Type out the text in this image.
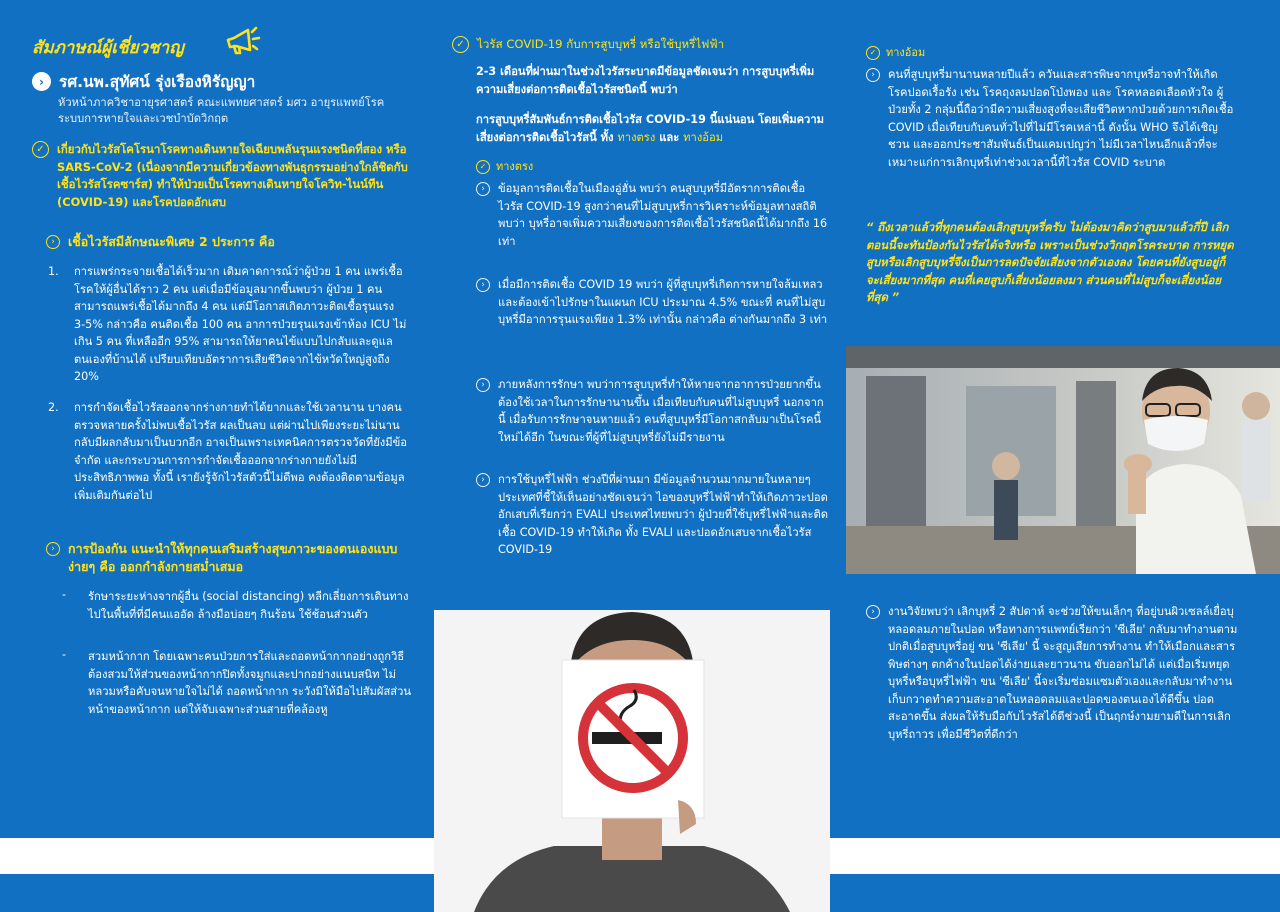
สัมภาษณ์ผู้เชี่ยวชาญ
› รศ.นพ.สุทัศน์ รุ่งเรืองหิรัญญา
หัวหน้าภาควิชาอายุรศาสตร์ คณะแพทยศาสตร์ มศว อายุรแพทย์โรคระบบการหายใจและเวชบำบัดวิกฤต
✓	เกี่ยวกับไวรัสโคโรนาโรคทางเดินหายใจเฉียบพลันรุนแรงชนิดที่สอง หรือ SARS-CoV-2 (เนื่องจากมีความเกี่ยวข้องทางพันธุกรรมอย่างใกล้ชิดกับเชื้อไวรัสโรคซาร์ส) ทำให้ป่วยเป็นโรคทางเดินหายใจโควิท-ไนน์ทีน (COVID-19) และโรคปอดอักเสบ
›	เชื้อไวรัสมีลักษณะพิเศษ 2 ประการ คือ
1.	การแพร่กระจายเชื้อได้เร็วมาก เดิมคาดการณ์ว่าผู้ป่วย 1 คน แพร่เชื้อโรคให้ผู้อื่นได้ราว 2 คน แต่เมื่อมีข้อมูลมากขึ้นพบว่า ผู้ป่วย 1 คน สามารถแพร่เชื้อได้มากถึง 4 คน แต่มีโอกาสเกิดภาวะติดเชื้อรุนแรง 3-5% กล่าวคือ คนติดเชื้อ 100 คน อาการป่วยรุนแรงเข้าห้อง ICU ไม่เกิน 5 คน ที่เหลืออีก 95% สามารถให้ยาคนไข้แบบไปกลับและดูแลตนเองที่บ้านได้ เปรียบเทียบอัตราการเสียชีวิตจากไข้หวัดใหญ่สูงถึง 20%
2.	การกำจัดเชื้อไวรัสออกจากร่างกายทำได้ยากและใช้เวลานาน บางคนตรวจหลายครั้งไม่พบเชื้อไวรัส ผลเป็นลบ แต่ผ่านไปเพียงระยะไม่นานกลับมีผลกลับมาเป็นบวกอีก อาจเป็นเพราะเทคนิคการตรวจวัดที่ยังมีข้อจำกัด และกระบวนการการกำจัดเชื้อออกจากร่างกายยังไม่มีประสิทธิภาพพอ ทั้งนี้ เรายังรู้จักไวรัสตัวนี้ไม่ดีพอ คงต้องติดตามข้อมูลเพิ่มเติมกันต่อไป
›	การป้องกัน แนะนำให้ทุกคนเสริมสร้างสุขภาวะของตนเองแบบง่ายๆ คือ ออกกำลังกายสม่ำเสมอ
-	รักษาระยะห่างจากผู้อื่น (social distancing) หลีกเลี่ยงการเดินทางไปในพื้นที่ที่มีคนแออัด ล้างมือบ่อยๆ กินร้อน ใช้ช้อนส่วนตัว
-	สวมหน้ากาก โดยเฉพาะคนป่วยการใส่และถอดหน้ากากอย่างถูกวิธีต้องสวมให้ส่วนของหน้ากากปิดทั้งจมูกและปากอย่างแนบสนิท ไม่หลวมหรือคับจนหายใจไม่ได้ ถอดหน้ากาก ระวังมิให้มือไปสัมผัสส่วนหน้าของหน้ากาก แต่ให้จับเฉพาะส่วนสายที่คล้องหู
✓	ไวรัส COVID-19 กับการสูบบุหรี่ หรือใช้บุหรี่ไฟฟ้า
2-3 เดือนที่ผ่านมาในช่วงไวรัสระบาดมีข้อมูลชัดเจนว่า การสูบบุหรี่เพิ่มความเสี่ยงต่อการติดเชื้อไวรัสชนิดนี้ พบว่า
การสูบบุหรี่สัมพันธ์การติดเชื้อไวรัส COVID-19 นี้แน่นอน โดยเพิ่มความเสี่ยงต่อการติดเชื้อไวรัสนี้ ทั้ง ทางตรง และ ทางอ้อม
✓ ทางตรง
›	ข้อมูลการติดเชื้อในเมืองอู่ฮั่น พบว่า คนสูบบุหรี่มีอัตราการติดเชื้อไวรัส COVID-19 สูงกว่าคนที่ไม่สูบบุหรี่การวิเคราะห์ข้อมูลทางสถิติ พบว่า บุหรี่อาจเพิ่มความเสี่ยงของการติดเชื้อไวรัสชนิดนี้ได้มากถึง 16 เท่า
›	เมื่อมีการติดเชื้อ COVID 19 พบว่า ผู้ที่สูบบุหรี่เกิดการหายใจล้มเหลวและต้องเข้าไปรักษาในแผนก ICU ประมาณ 4.5% ขณะที่ คนที่ไม่สูบบุหรี่มีอาการรุนแรงเพียง 1.3% เท่านั้น กล่าวคือ ต่างกันมากถึง 3 เท่า
›	ภายหลังการรักษา พบว่าการสูบบุหรี่ทำให้หายจากอาการป่วยยากขึ้น ต้องใช้เวลาในการรักษานานขึ้น เมื่อเทียบกับคนที่ไม่สูบบุหรี่ นอกจากนี้ เมื่อรับการรักษาจนหายแล้ว คนที่สูบบุหรี่มีโอกาสกลับมาเป็นโรคนี้ใหม่ได้อีก ในขณะที่ผู้ที่ไม่สูบบุหรี่ยังไม่มีรายงาน
›	การใช้บุหรี่ไฟฟ้า ช่วงปีที่ผ่านมา มีข้อมูลจำนวนมากมายในหลายๆ ประเทศที่ชี้ให้เห็นอย่างชัดเจนว่า ไอของบุหรี่ไฟฟ้าทำให้เกิดภาวะปอดอักเสบที่เรียกว่า EVALI ประเทศไทยพบว่า ผู้ป่วยที่ใช้บุหรี่ไฟฟ้าและติดเชื้อ COVID-19 ทำให้เกิด ทั้ง EVALI และปอดอักเสบจากเชื้อไวรัส COVID-19
✓ ทางอ้อม
›	คนที่สูบบุหรี่มานานหลายปีแล้ว ควันและสารพิษจากบุหรี่อาจทำให้เกิดโรคปอดเรื้อรัง เช่น โรคถุงลมปอดโป่งพอง และ โรคหลอดเลือดหัวใจ ผู้ป่วยทั้ง 2 กลุ่มนี้ถือว่ามีความเสี่ยงสูงที่จะเสียชีวิตหากป่วยด้วยการเกิดเชื้อ COVID เมื่อเทียบกับคนทั่วไปที่ไม่มีโรคเหล่านี้ ดังนั้น WHO จึงได้เชิญชวน และออกประชาสัมพันธ์เป็นแคมเปญว่า ไม่มีเวลาไหนอีกแล้วที่จะเหมาะแก่การเลิกบุหรี่เท่าช่วงเวลานี้ที่ไวรัส COVID ระบาด
“ ถึงเวลาแล้วที่ทุกคนต้องเลิกสูบบุหรี่ครับ ไม่ต้องมาคิดว่าสูบมาแล้วกี่ปี เลิกตอนนี้จะทันป้องกันไวรัสได้จริงหรือ เพราะเป็นช่วงวิกฤตโรคระบาด การหยุดสูบหรือเลิกสูบบุหรี่จึงเป็นการลดปัจจัยเสี่ยงจากตัวเองลง โดยคนที่ยังสูบอยู่ก็จะเสี่ยงมากที่สุด คนที่เคยสูบก็เสี่ยงน้อยลงมา ส่วนคนที่ไม่สูบก็จะเสี่ยงน้อยที่สุด ”
›	งานวิจัยพบว่า เลิกบุหรี่ 2 สัปดาห์ จะช่วยให้ขนเล็กๆ ที่อยู่บนผิวเซลล์เยื่อบุหลอดลมภายในปอด หรือทางการแพทย์เรียกว่า 'ซีเลีย' กลับมาทำงานตามปกติเมื่อสูบบุหรี่อยู่ ขน 'ซีเลีย' นี้ จะสูญเสียการทำงาน ทำให้เมือกและสารพิษต่างๆ ตกค้างในปอดได้ง่ายและยาวนาน ขับออกไม่ได้ แต่เมื่อเริ่มหยุดบุหรี่หรือบุหรี่ไฟฟ้า ขน 'ซีเลีย' นี้จะเริ่มซ่อมแซมตัวเองและกลับมาทำงานเก็บกวาดทำความสะอาดในหลอดลมและปอดของตนเองได้ดีขึ้น ปอดสะอาดขึ้น ส่งผลให้รับมือกับไวรัสได้ดีช่วงนี้ เป็นฤกษ์งามยามดีในการเลิกบุหรี่ถาวร เพื่อมีชีวิตที่ดีกว่า
